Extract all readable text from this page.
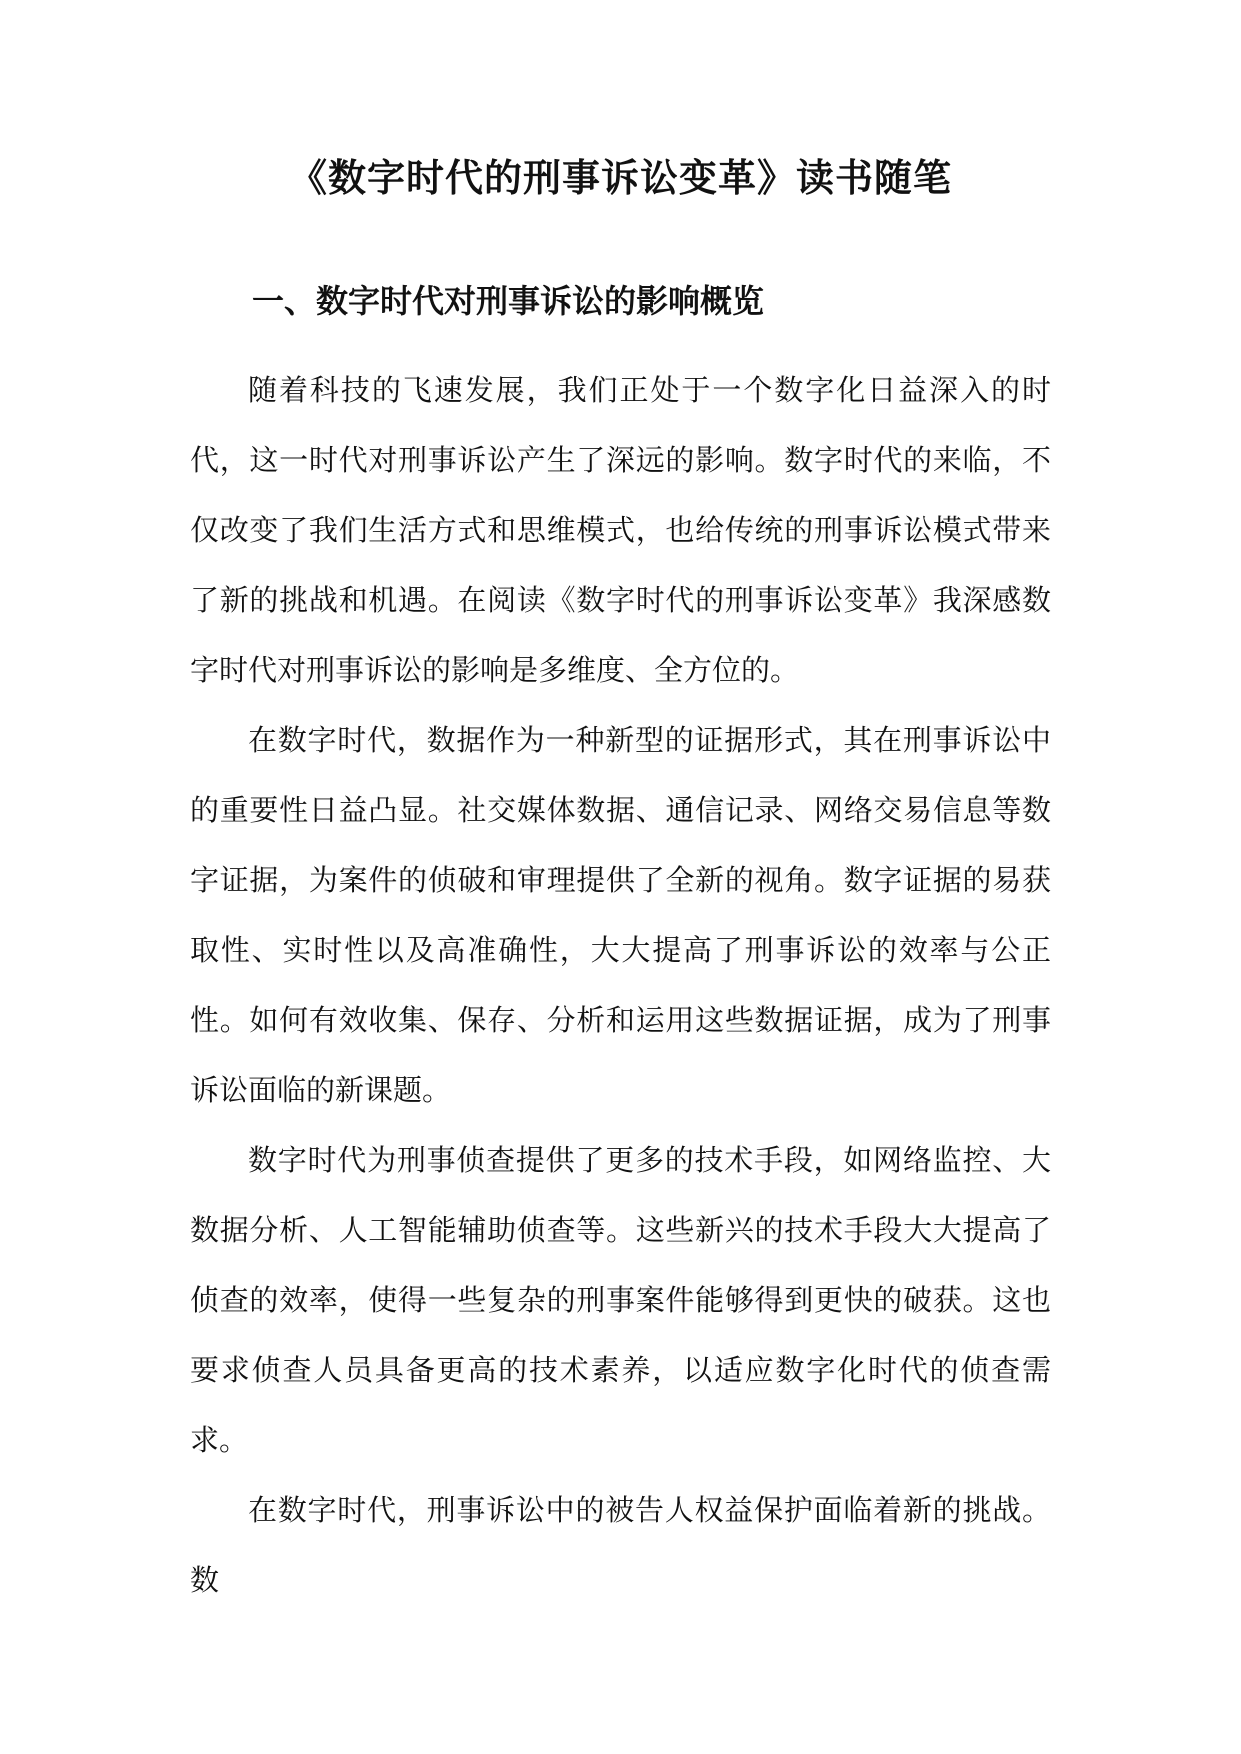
《数字时代的刑事诉讼变革》读书随笔
一、数字时代对刑事诉讼的影响概览

随着科技的飞速发展，我们正处于一个数字化日益深入的时代，这一时代对刑事诉讼产生了深远的影响。数字时代的来临，不仅改变了我们生活方式和思维模式，也给传统的刑事诉讼模式带来了新的挑战和机遇。在阅读《数字时代的刑事诉讼变革》我深感数字时代对刑事诉讼的影响是多维度、全方位的。

在数字时代，数据作为一种新型的证据形式，其在刑事诉讼中的重要性日益凸显。社交媒体数据、通信记录、网络交易信息等数字证据，为案件的侦破和审理提供了全新的视角。数字证据的易获取性、实时性以及高准确性，大大提高了刑事诉讼的效率与公正性。如何有效收集、保存、分析和运用这些数据证据，成为了刑事诉讼面临的新课题。

数字时代为刑事侦查提供了更多的技术手段，如网络监控、大数据分析、人工智能辅助侦查等。这些新兴的技术手段大大提高了侦查的效率，使得一些复杂的刑事案件能够得到更快的破获。这也要求侦查人员具备更高的技术素养，以适应数字化时代的侦查需求。

在数字时代，刑事诉讼中的被告人权益保护面临着新的挑战。数
